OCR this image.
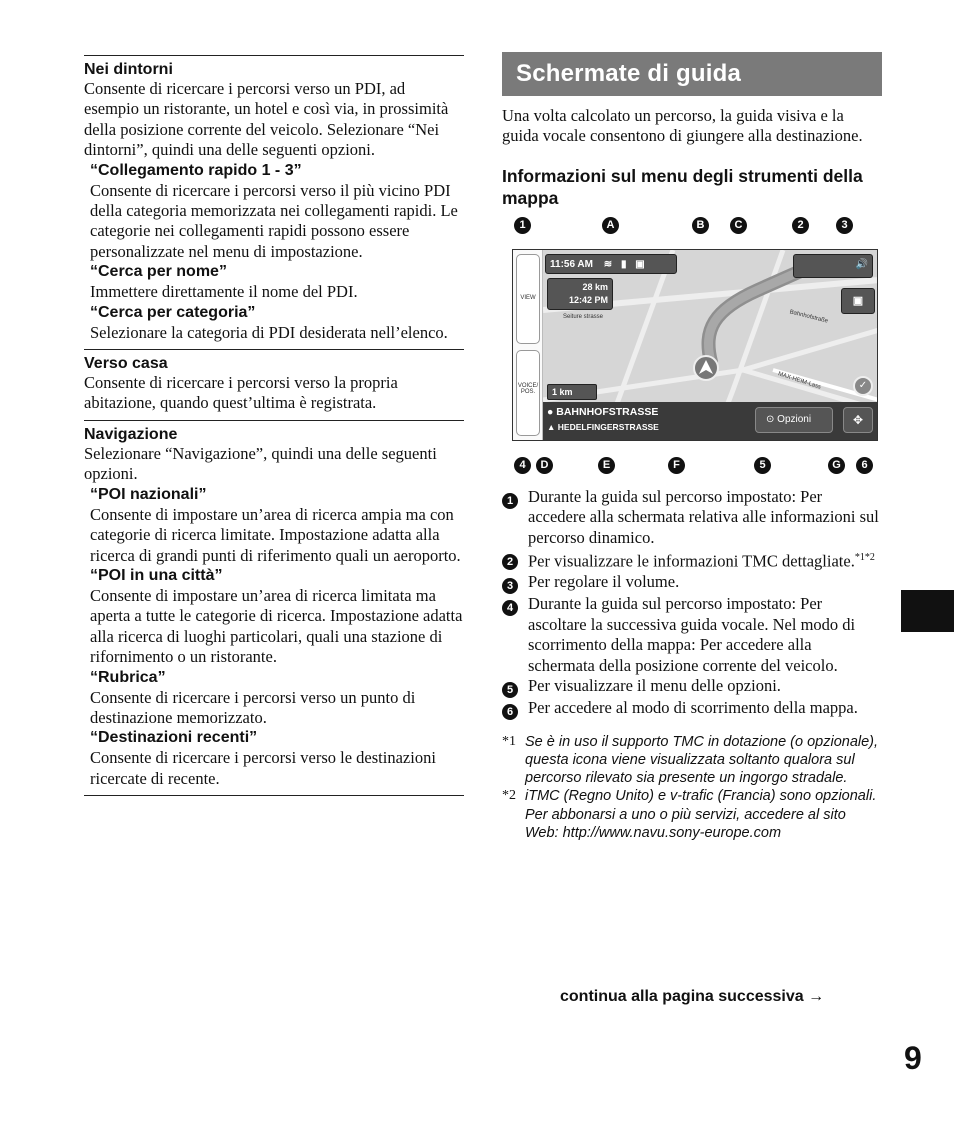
Nei dintorni
Consente di ricercare i percorsi verso un PDI, ad esempio un ristorante, un hotel e così via, in prossimità della posizione corrente del veicolo. Selezionare “Nei dintorni”, quindi una delle seguenti opzioni.
“Collegamento rapido 1 - 3”
Consente di ricercare i percorsi verso il più vicino PDI della categoria memorizzata nei collegamenti rapidi. Le categorie nei collegamenti rapidi possono essere personalizzate nel menu di impostazione.
“Cerca per nome”
Immettere direttamente il nome del PDI.
“Cerca per categoria”
Selezionare la categoria di PDI desiderata nell’elenco.
Verso casa
Consente di ricercare i percorsi verso la propria abitazione, quando quest’ultima è registrata.
Navigazione
Selezionare “Navigazione”, quindi una delle seguenti opzioni.
“POI nazionali”
Consente di impostare un’area di ricerca ampia ma con categorie di ricerca limitate. Impostazione adatta alla ricerca di grandi punti di riferimento quali un aeroporto.
“POI in una città”
Consente di impostare un’area di ricerca limitata ma aperta a tutte le categorie di ricerca. Impostazione adatta alla ricerca di luoghi particolari, quali una stazione di rifornimento o un ristorante.
“Rubrica”
Consente di ricercare i percorsi verso un punto di destinazione memorizzato.
“Destinazioni recenti”
Consente di ricercare i percorsi verso le destinazioni ricercate di recente.
Schermate di guida
Una volta calcolato un percorso, la guida visiva e la guida vocale consentono di giungere alla destinazione.
Informazioni sul menu degli strumenti della mappa
1	A	B	C	2	3
VIEW
VOICE/ POS.
11:56 AM ≋ ▮ ▣
28 km
12:42 PM
Seiture strasse	Bahnhofstraße
MAX-HEIM-Lass
🔊
▣
1 km
✓
● BAHNHOFSTRASSE
▲ HEDELFINGERSTRASSE
⊙ Opzioni	✥
4	D	E	F	5	G	6
1 Durante la guida sul percorso impostato: Per accedere alla schermata relativa alle informazioni sul percorso dinamico.
2 Per visualizzare le informazioni TMC dettagliate.$^{*1*2}$
3 Per regolare il volume.
4 Durante la guida sul percorso impostato: Per ascoltare la successiva guida vocale. Nel modo di scorrimento della mappa: Per accedere alla schermata della posizione corrente del veicolo.
5 Per visualizzare il menu delle opzioni.
6 Per accedere al modo di scorrimento della mappa.
*1 Se è in uso il supporto TMC in dotazione (o opzionale), questa icona viene visualizzata soltanto qualora sul percorso rilevato sia presente un ingorgo stradale.
*2 iTMC (Regno Unito) e v-trafic (Francia) sono opzionali. Per abbonarsi a uno o più servizi, accedere al sito Web: http://www.navu.sony-europe.com
continua alla pagina successiva →
9
